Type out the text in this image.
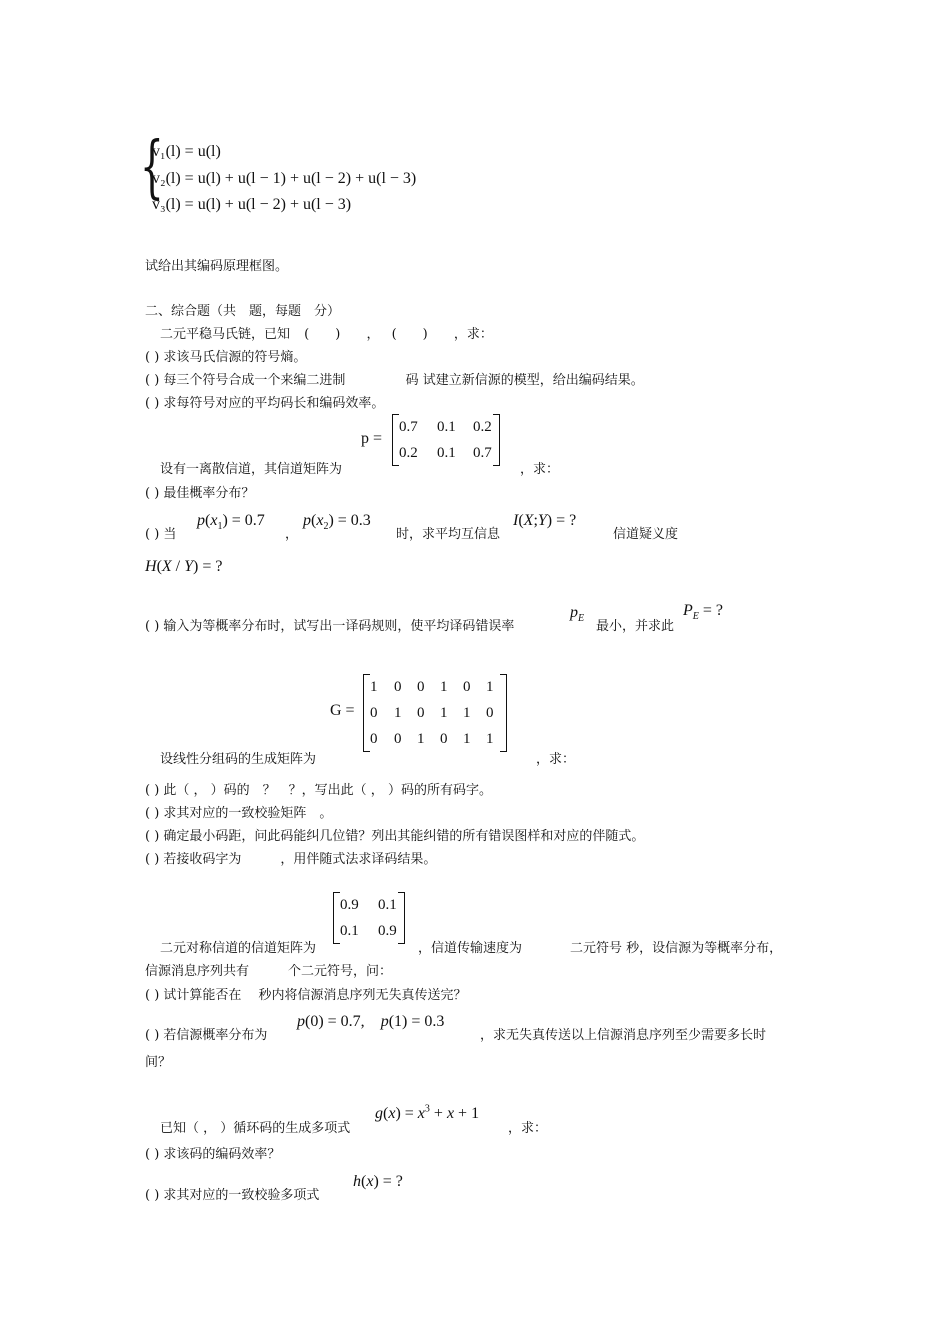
{
v₁(l) = u(l)
v₂(l) = u(l) + u(l − 1) + u(l − 2) + u(l − 3)
v₃(l) = u(l) + u(l − 2) + u(l − 3)
试给出其编码原理框图。
二、综合题（共　题，每题　分）
二元平稳马氏链，已知 (　　) ， (　　) ，求：
( ) 求该马氏信源的符号熵。
( ) 每三个符号合成一个来编二进制	码 试建立新信源的模型，给出编码结果。
( ) 求每符号对应的平均码长和编码效率。
p =
0.7	0.1	0.2
0.2	0.1	0.7
设有一离散信道，其信道矩阵为	，求：
( ) 最佳概率分布？
( ) 当
$p(x_1) = 0.7$
，
$p(x_2) = 0.3$
时，求平均互信息
I(X;Y) = ?
信道疑义度
H(X / Y) = ?
( ) 输入为等概率分布时，试写出一译码规则，使平均译码错误率
$p_E$
最小，并求此
$P_E$ = ?
G =
1	0	0	1	0	1
0	1	0	1	1	0
0	0	1	0	1	1
设线性分组码的生成矩阵为	，求：
( ) 此（ ， ）码的　？　？，写出此（ ， ）码的所有码字。
( ) 求其对应的一致校验矩阵　。
( ) 确定最小码距，问此码能纠几位错？列出其能纠错的所有错误图样和对应的伴随式。
( ) 若接收码字为　　　，用伴随式法求译码结果。
0.9	0.1
0.1	0.9
二元对称信道的信道矩阵为	，信道传输速度为	二元符号 秒，设信源为等概率分布，
信源消息序列共有　　　个二元符号，问：
( ) 试计算能否在　 秒内将信源消息序列无失真传送完？
( ) 若信源概率分布为
p(0) = 0.7,    p(1) = 0.3
，求无失真传送以上信源消息序列至少需要多长时
间？
已知（ ， ）循环码的生成多项式
$g(x) = x^3 + x + 1$
，求：
( ) 求该码的编码效率？
( ) 求其对应的一致校验多项式
h(x) = ?
